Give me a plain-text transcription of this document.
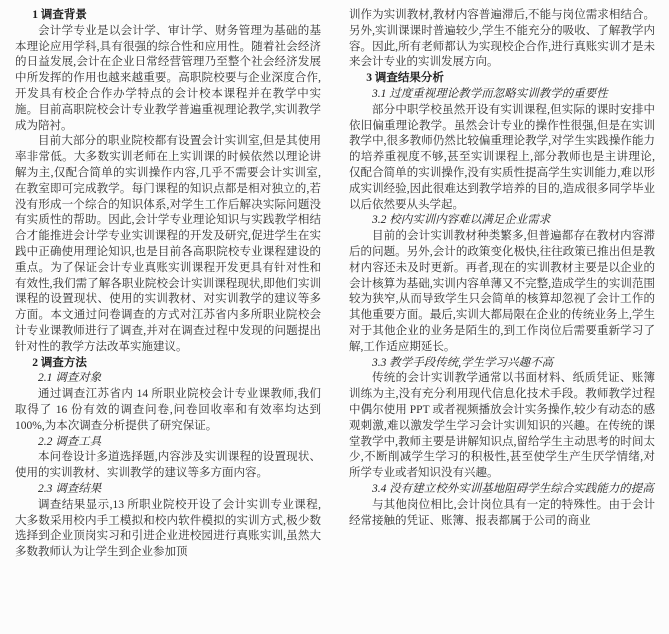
1 调查背景
会计学专业是以会计学、审计学、财务管理为基础的基本理论应用学科,具有很强的综合性和应用性。随着社会经济的日益发展,会计在企业日常经营管理乃至整个社会经济发展中所发挥的作用也越来越重要。高职院校要与企业深度合作,开发具有校企合作办学特点的会计校本课程并在教学中实施。目前高职院校会计专业教学普遍重视理论教学,实训教学成为陪衬。
目前大部分的职业院校都有设置会计实训室,但是其使用率非常低。大多数实训老师在上实训课的时候依然以理论讲解为主,仅配合简单的实训操作内容,几乎不需要会计实训室,在教室即可完成教学。每门课程的知识点都是相对独立的,若没有形成一个综合的知识体系,对学生工作后解决实际问题没有实质性的帮助。因此,会计学专业理论知识与实践教学相结合才能推进会计学专业实训课程的开发及研究,促进学生在实践中正确使用理论知识,也是目前各高职院校专业课程建设的重点。为了保证会计专业真账实训课程开发更具有针对性和有效性,我们需了解各职业院校会计实训课程现状,即他们实训课程的设置现状、使用的实训教材、对实训教学的建议等多方面。本文通过问卷调查的方式对江苏省内多所职业院校会计专业课教师进行了调查,并对在调查过程中发现的问题提出针对性的教学方法改革实施建议。
2 调查方法
2.1 调查对象
通过调查江苏省内 14 所职业院校会计专业课教师,我们取得了 16 份有效的调查问卷,问卷回收率和有效率均达到 100%,为本次调查分析提供了研究保证。
2.2 调查工具
本问卷设计多道选择题,内容涉及实训课程的设置现状、使用的实训教材、实训教学的建议等多方面内容。
2.3 调查结果
调查结果显示,13 所职业院校开设了会计实训专业课程,大多数采用校内手工模拟和校内软件模拟的实训方式,极少数选择到企业顶岗实习和引进企业进校园进行真账实训,虽然大多数教师认为让学生到企业参加顶
训作为实训教材,教材内容普遍滞后,不能与岗位需求相结合。另外,实训课课时普遍较少,学生不能充分的吸收、了解教学内容。因此,所有老师都认为实现校企合作,进行真账实训才是未来会计专业的实训发展方向。
3 调查结果分析
3.1 过度重视理论教学而忽略实训教学的重要性
部分中职学校虽然开设有实训课程,但实际的课时安排中依旧偏重理论教学。虽然会计专业的操作性很强,但是在实训教学中,很多教师仍然比较偏重理论教学,对学生实践操作能力的培养重视度不够,甚至实训课程上,部分教师也是主讲理论,仅配合简单的实训操作,没有实质性提高学生实训能力,难以形成实训经验,因此很难达到教学培养的目的,造成很多同学毕业以后依然要从头学起。
3.2 校内实训内容难以满足企业需求
目前的会计实训教材种类繁多,但普遍都存在教材内容滞后的问题。另外,会计的政策变化极快,往往政策已推出但是教材内容还未及时更新。再者,现在的实训教材主要是以企业的会计核算为基础,实训内容单薄又不完整,造成学生的实训范围较为狭窄,从而导致学生只会简单的核算却忽视了会计工作的其他重要方面。最后,实训大都局限在企业的传统业务上,学生对于其他企业的业务是陌生的,到工作岗位后需要重新学习了解,工作适应期延长。
3.3 教学手段传统,学生学习兴趣不高
传统的会计实训教学通常以书面材料、纸质凭证、账簿训练为主,没有充分利用现代信息化技术手段。教师教学过程中偶尔使用 PPT 或者视频播放会计实务操作,较少有动态的感观刺激,难以激发学生学习会计实训知识的兴趣。在传统的课堂教学中,教师主要是讲解知识点,留给学生主动思考的时间太少,不断削减学生学习的积极性,甚至使学生产生厌学情绪,对所学专业或者知识没有兴趣。
3.4 没有建立校外实训基地阻碍学生综合实践能力的提高
与其他岗位相比,会计岗位具有一定的特殊性。由于会计经常接触的凭证、账簿、报表都属于公司的商业
